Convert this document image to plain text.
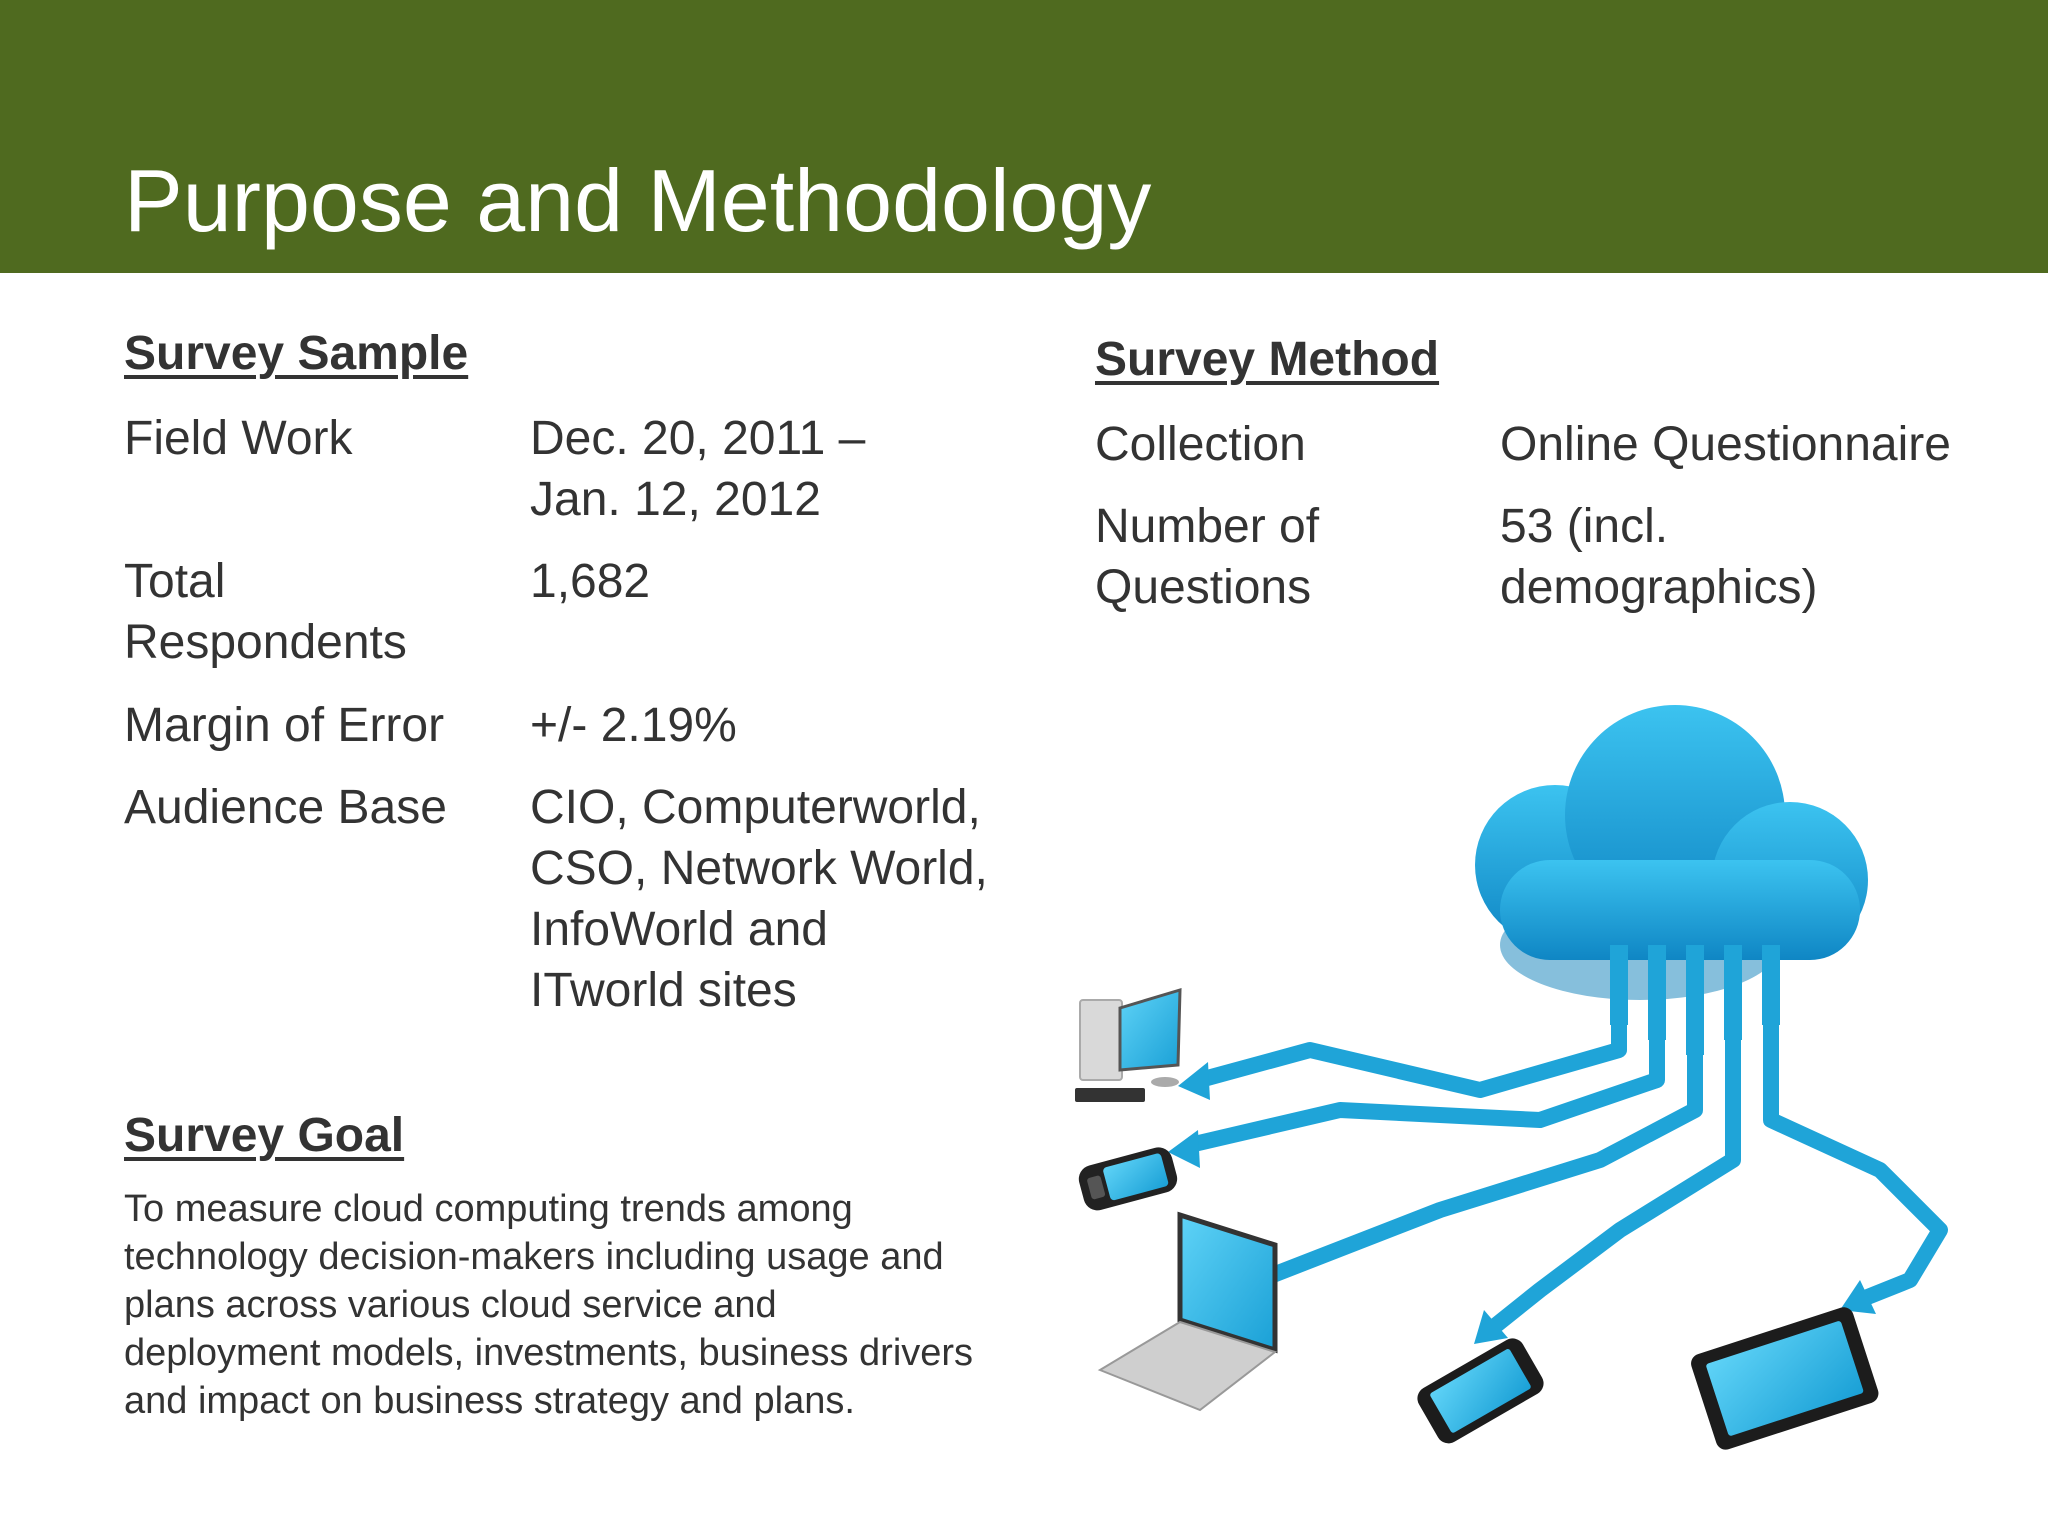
Purpose and Methodology
Survey Sample
Field Work	Dec. 20, 2011 –
Jan. 12, 2012
Total
Respondents
1,682
Margin of Error +/- 2.19%
Audience Base CIO, Computerworld,
CSO, Network World,
InfoWorld and
ITworld sites
Survey Method
Collection	Online Questionnaire
Number of
Questions
53 (incl.
demographics)
Survey Goal
To measure cloud computing trends among
technology decision-makers including usage and
plans across various cloud service and
deployment models, investments, business drivers
and impact on business strategy and plans.
